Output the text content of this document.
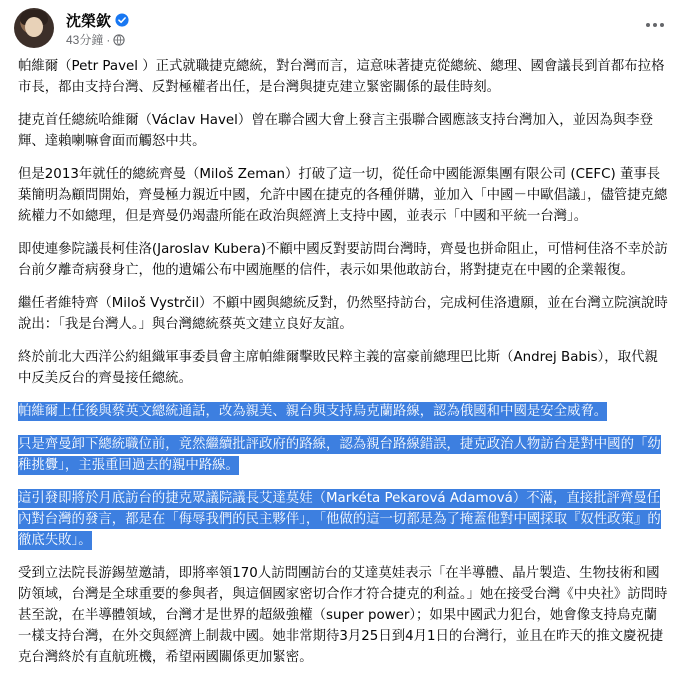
沈榮欽
43分鐘 ·

帕維爾（Petr Pavel ）正式就職捷克總統，對台灣而言，這意味著捷克從總統、總理、國會議長到首都布拉格市長，都由支持台灣、反對極權者出任，是台灣與捷克建立緊密關係的最佳時刻。

捷克首任總統哈維爾（Václav Havel）曾在聯合國大會上發言主張聯合國應該支持台灣加入，並因為與李登輝、達賴喇嘛會面而觸怒中共。

但是2013年就任的總統齊曼（Miloš Zeman）打破了這一切，從任命中國能源集團有限公司 (CEFC) 董事長葉簡明為顧問開始，齊曼極力親近中國，允許中國在捷克的各種併購，並加入「中國－中歐倡議」，儘管捷克總統權力不如總理，但是齊曼仍竭盡所能在政治與經濟上支持中國，並表示「中國和平統一台灣」。

即使連參院議長柯佳洛(Jaroslav Kubera)不顧中國反對要訪問台灣時，齊曼也拼命阻止，可惜柯佳洛不幸於訪台前夕離奇病發身亡，他的遺孀公布中國施壓的信件，表示如果他敢訪台，將對捷克在中國的企業報復。

繼任者維特齊（Miloš Vystrčil）不顧中國與總統反對，仍然堅持訪台，完成柯佳洛遺願，並在台灣立院演說時說出：「我是台灣人。」與台灣總統蔡英文建立良好友誼。

終於前北大西洋公約組織軍事委員會主席帕維爾擊敗民粹主義的富豪前總理巴比斯（Andrej Babis），取代親中反美反台的齊曼接任總統。

帕維爾上任後與蔡英文總統通話，改為親美、親台與支持烏克蘭路線，認為俄國和中國是安全威脅。

只是齊曼卸下總統職位前，竟然繼續批評政府的路線，認為親台路線錯誤，捷克政治人物訪台是對中國的「幼稚挑釁」，主張重回過去的親中路線。

這引發即將於月底訪台的捷克眾議院議長艾達莫娃（Markéta Pekarová Adamová）不滿，直接批評齊曼任內對台灣的發言，都是在「侮辱我們的民主夥伴」，「他做的這一切都是為了掩蓋他對中國採取『奴性政策』的徹底失敗」。

受到立法院長游錫堃邀請，即將率領170人訪問團訪台的艾達莫娃表示「在半導體、晶片製造、生物技術和國防領域，台灣是全球重要的參與者，與這個國家密切合作才符合捷克的利益。」她在接受台灣《中央社》訪問時甚至說，在半導體領域，台灣才是世界的超級強權（super power）；如果中國武力犯台，她會像支持烏克蘭一樣支持台灣，在外交與經濟上制裁中國。她非常期待3月25日到4月1日的台灣行，並且在昨天的推文慶祝捷克台灣終於有直航班機，希望兩國關係更加緊密。
